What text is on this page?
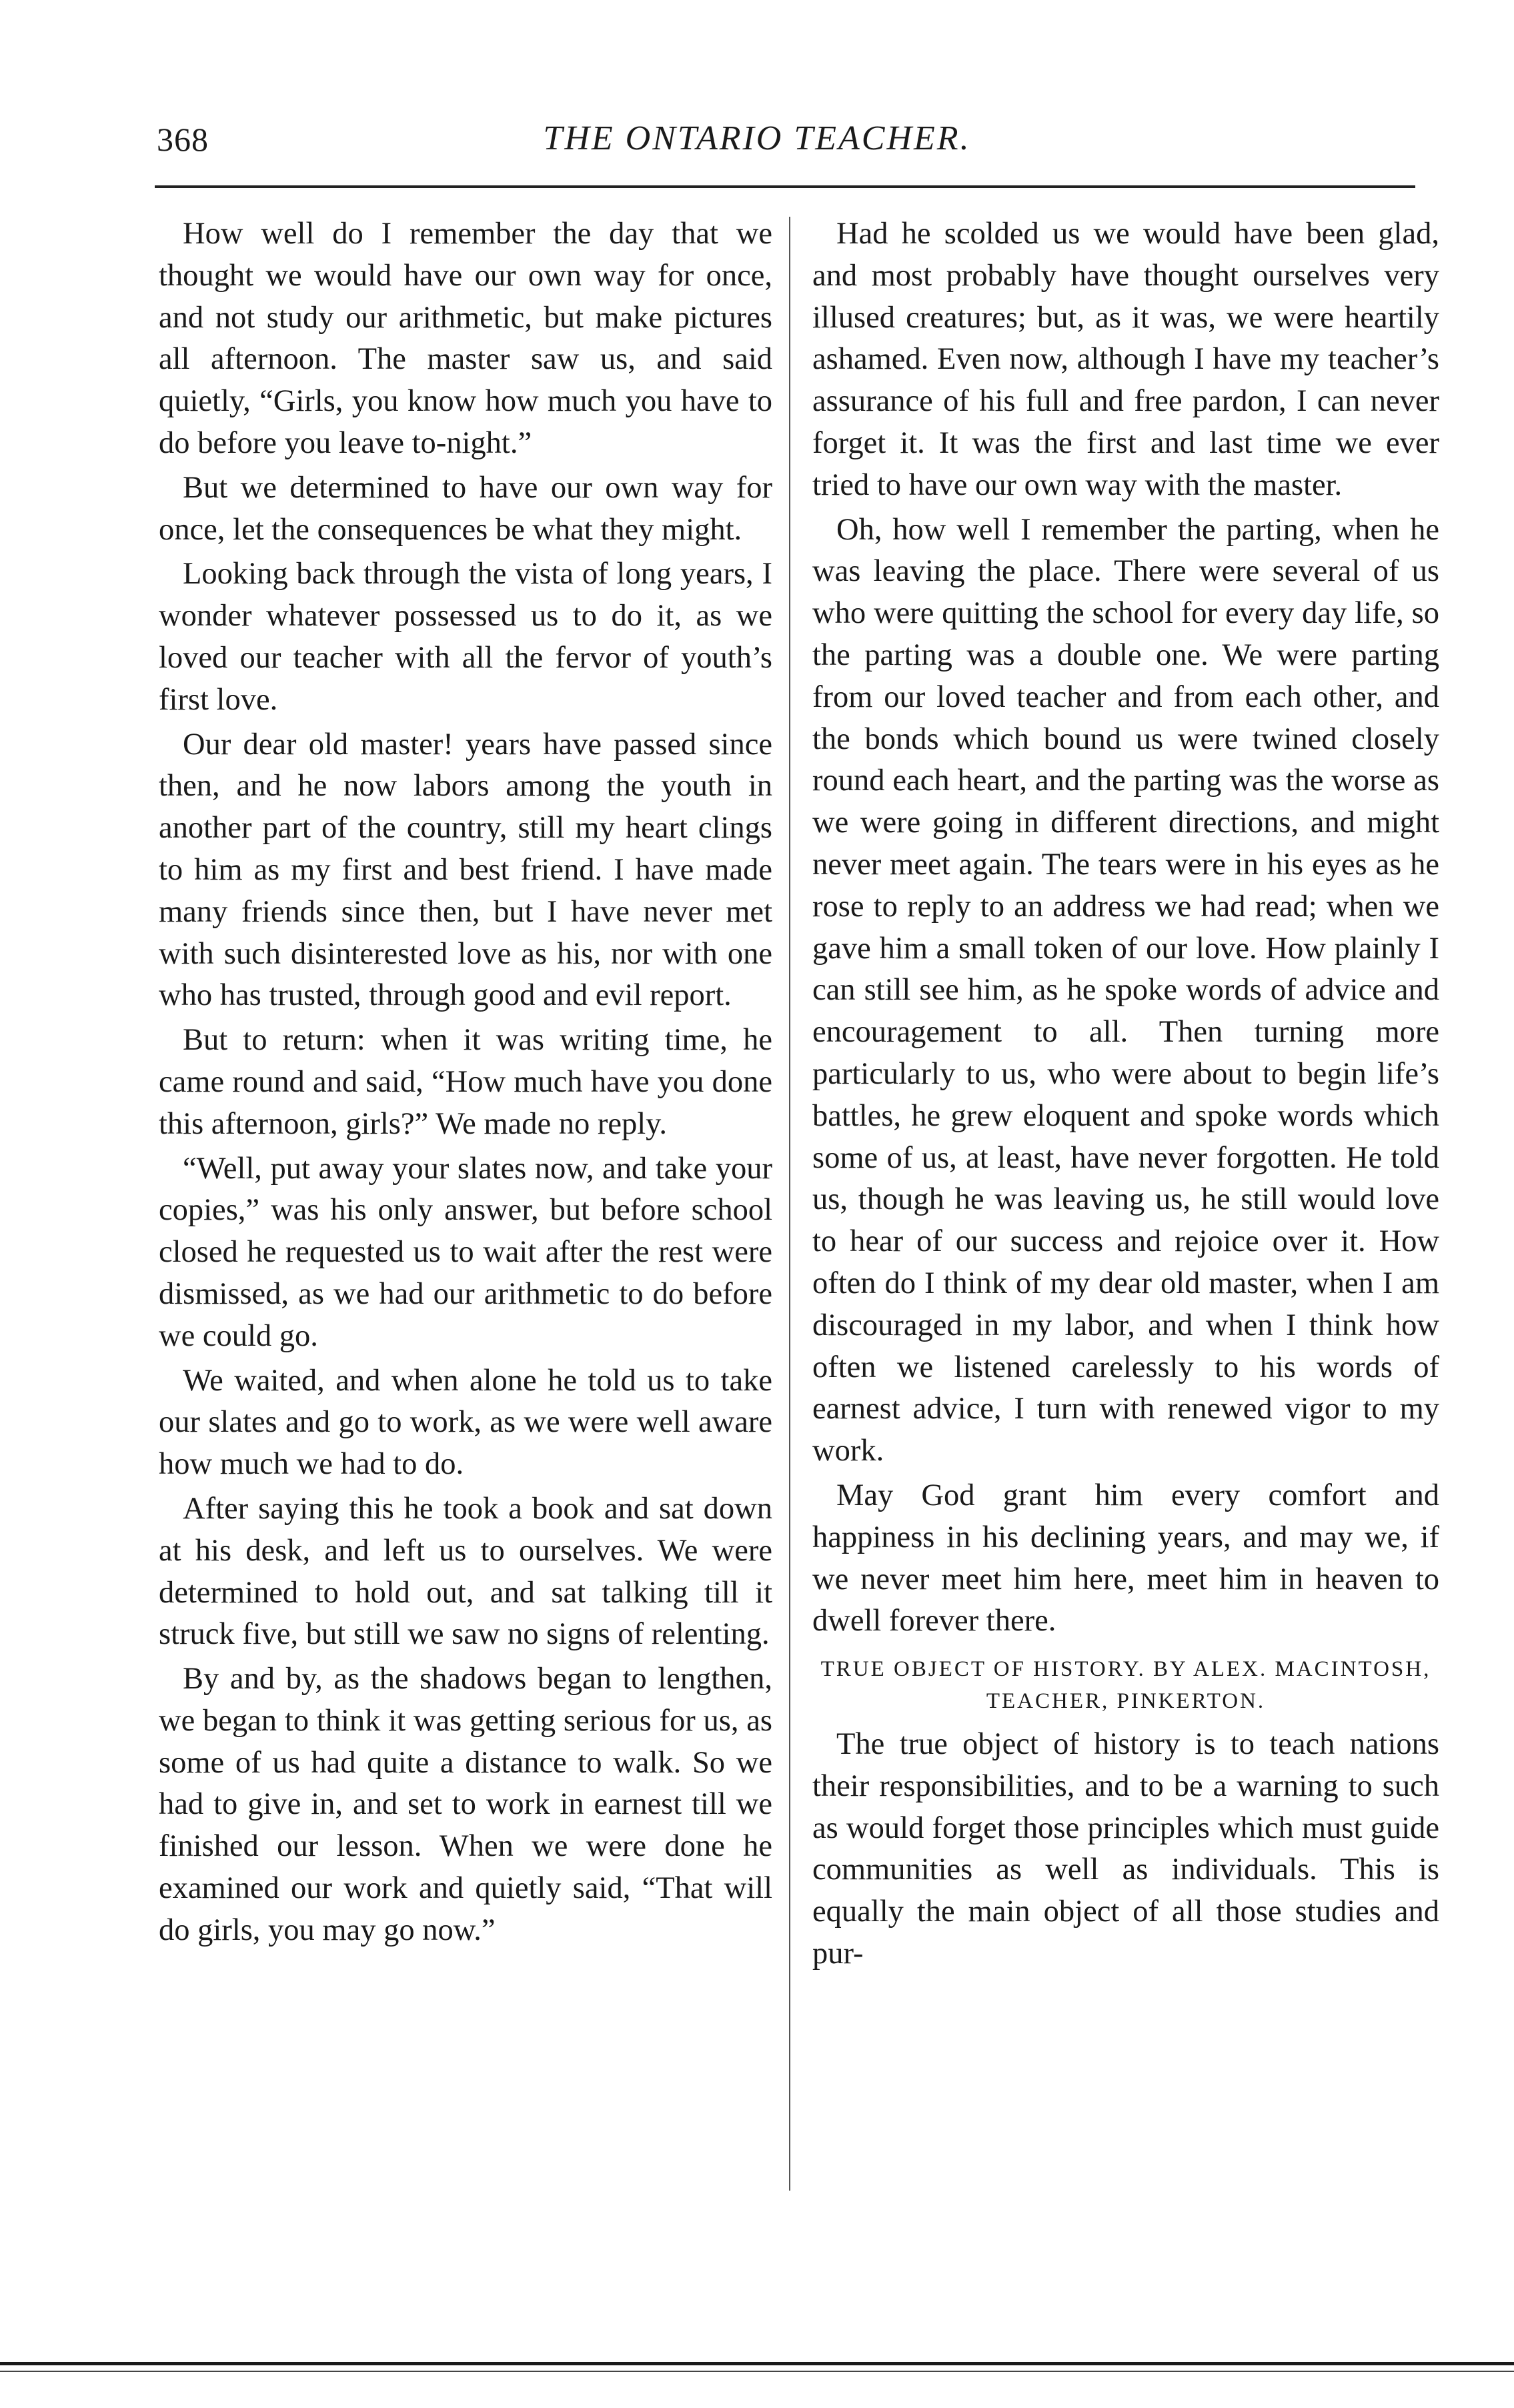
368	THE ONTARIO TEACHER.

How well do I remember the day that we thought we would have our own way for once, and not study our arithmetic, but make pictures all afternoon. The master saw us, and said quietly, “Girls, you know how much you have to do before you leave to-night.”

But we determined to have our own way for once, let the consequences be what they might.

Looking back through the vista of long years, I wonder whatever possessed us to do it, as we loved our teacher with all the fervor of youth’s first love.

Our dear old master! years have passed since then, and he now labors among the youth in another part of the country, still my heart clings to him as my first and best friend. I have made many friends since then, but I have never met with such disinterested love as his, nor with one who has trusted, through good and evil report.

But to return: when it was writing time, he came round and said, “How much have you done this afternoon, girls?” We made no reply.

“Well, put away your slates now, and take your copies,” was his only answer, but before school closed he requested us to wait after the rest were dismissed, as we had our arithmetic to do before we could go.

We waited, and when alone he told us to take our slates and go to work, as we were well aware how much we had to do.

After saying this he took a book and sat down at his desk, and left us to ourselves. We were determined to hold out, and sat talking till it struck five, but still we saw no signs of relenting.

By and by, as the shadows began to lengthen, we began to think it was getting serious for us, as some of us had quite a distance to walk. So we had to give in, and set to work in earnest till we finished our lesson. When we were done he examined our work and quietly said, “That will do girls, you may go now.”

Had he scolded us we would have been glad, and most probably have thought ourselves very illused creatures; but, as it was, we were heartily ashamed. Even now, although I have my teacher’s assurance of his full and free pardon, I can never forget it. It was the first and last time we ever tried to have our own way with the master.

Oh, how well I remember the parting, when he was leaving the place. There were several of us who were quitting the school for every day life, so the parting was a double one. We were parting from our loved teacher and from each other, and the bonds which bound us were twined closely round each heart, and the parting was the worse as we were going in different directions, and might never meet again. The tears were in his eyes as he rose to reply to an address we had read; when we gave him a small token of our love. How plainly I can still see him, as he spoke words of advice and encouragement to all. Then turning more particularly to us, who were about to begin life’s battles, he grew eloquent and spoke words which some of us, at least, have never forgotten. He told us, though he was leaving us, he still would love to hear of our success and rejoice over it. How often do I think of my dear old master, when I am discouraged in my labor, and when I think how often we listened carelessly to his words of earnest advice, I turn with renewed vigor to my work.

May God grant him every comfort and happiness in his declining years, and may we, if we never meet him here, meet him in heaven to dwell forever there.

TRUE OBJECT OF HISTORY. BY ALEX. MACINTOSH, TEACHER, PINKERTON.

The true object of history is to teach nations their responsibilities, and to be a warning to such as would forget those principles which must guide communities as well as individuals. This is equally the main object of all those studies and pur-
